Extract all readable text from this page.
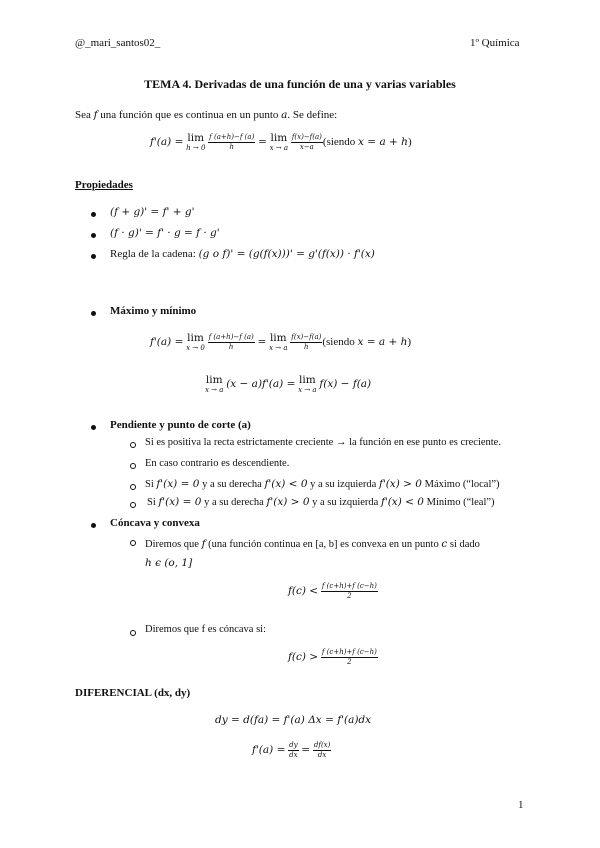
@_mari_santos02_	1º Química
TEMA 4. Derivadas de una función de una y varias variables
Sea f una función que es continua en un punto a. Se define:
f'(a) = lim
h → 0
$\frac{f (a+h)-f (a)}{h} = \lim$
x → a
$\frac{f(x)-f(a)}{x-a}$ (siendo x = a + h)
Propiedades
(f + g)' = f' + g'
(f · g)' = f' · g = f · g'
Regla de la cadena: (g o f)' = (g(f(x)))' = g'(f(x)) · f'(x)
Máximo y mínimo
f'(a) = lim
x → 0
$\frac{f (a+h)-f (a)}{h} = \lim$
x → a
$\frac{f(x)-f(a)}{h}$ (siendo x = a + h)
lim
x → a (x − a)f'(a) = lim
x → a f(x) − f(a)
Pendiente y punto de corte (a)
Si es positiva la recta estrictamente creciente → la función en ese punto es creciente.
En caso contrario es descendiente.
Si f'(x) = 0 y a su derecha f'(x) < 0 y a su izquierda f'(x) > 0 Máximo (“local”)
Si f'(x) = 0 y a su derecha f'(x) > 0 y a su izquierda f'(x) < 0 Mínimo (“leal”)
Cóncava y convexa
Diremos que f (una función continua en [a, b] es convexa en un punto c si dado
h ϵ (o, 1]
$f(c) < \frac{f (c+h)+f (c-h)}{2}$
Diremos que f es cóncava si:
$f(c) > \frac{f (c+h)+f (c-h)}{2}$
DIFERENCIAL (dx, dy)
dy = d(fa) = f'(a) Δx = f'(a)dx
$f'(a) = \frac{dy}{dx} = \frac{df(x)}{dx}$
1
